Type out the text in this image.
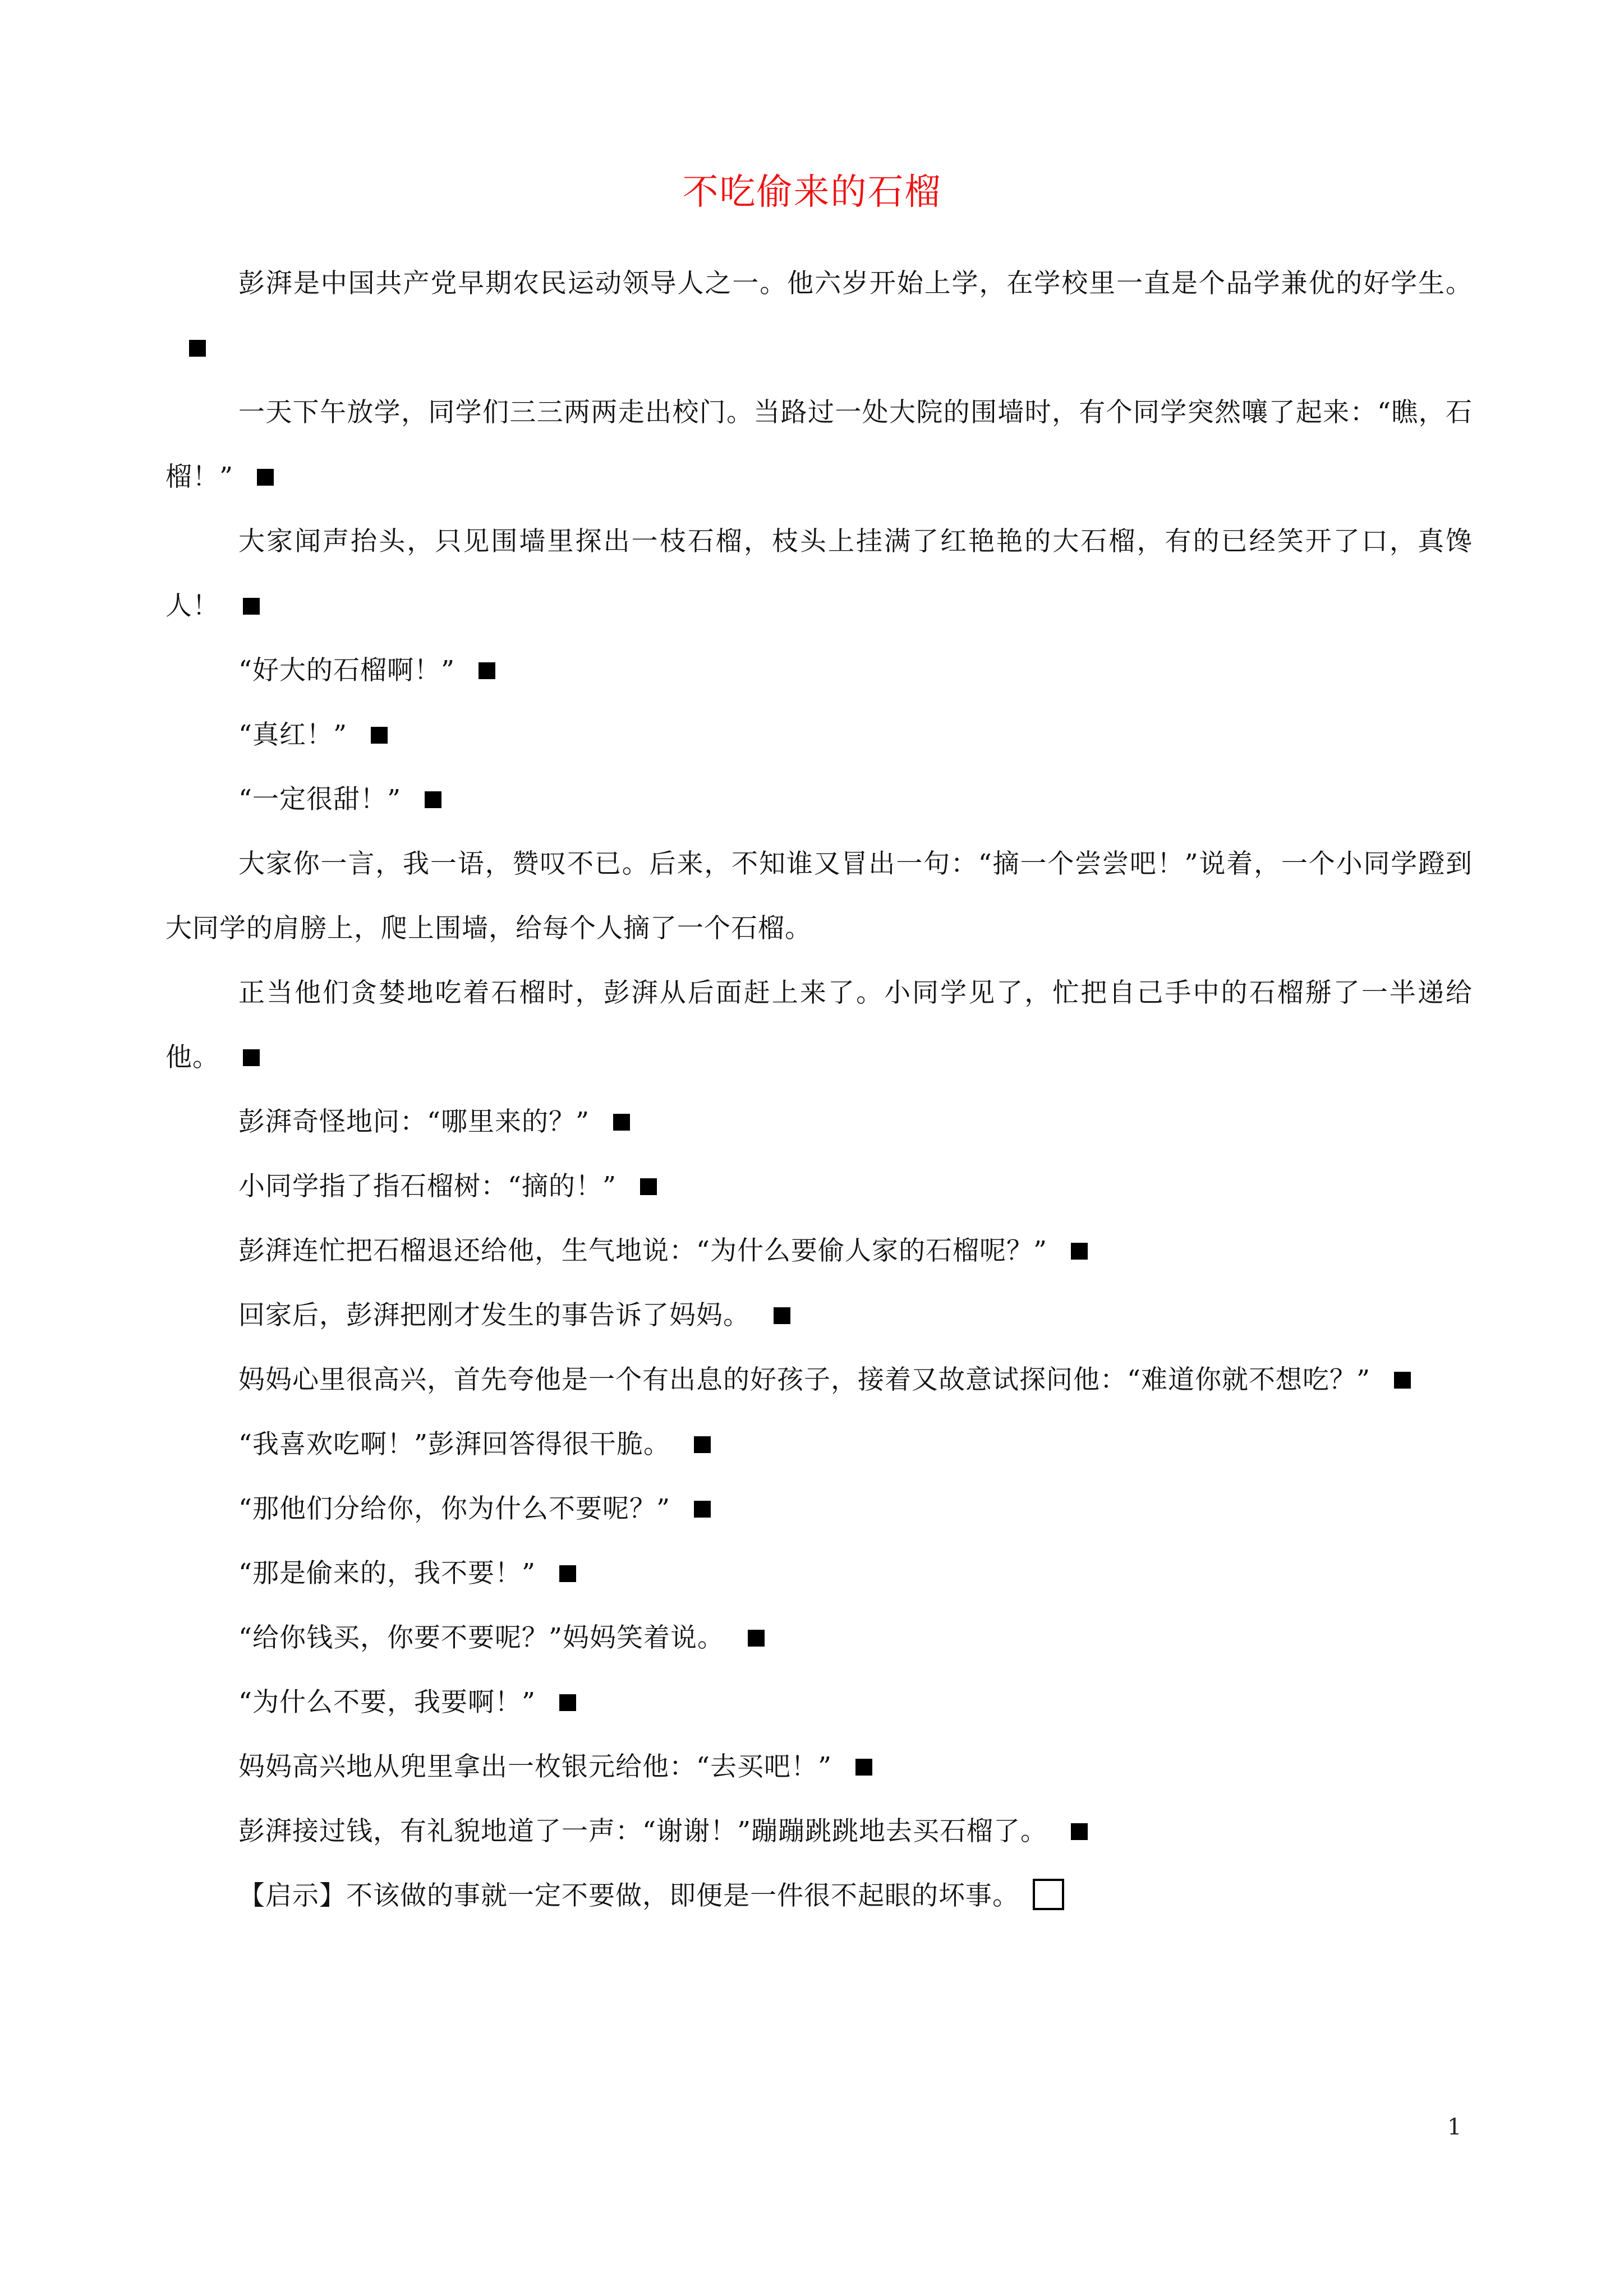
不吃偷来的石榴

彭湃是中国共产党早期农民运动领导人之一。他六岁开始上学，在学校里一直是个品学兼优的好学生。

一天下午放学，同学们三三两两走出校门。当路过一处大院的围墙时，有个同学突然嚷了起来：“瞧，石榴！”

大家闻声抬头，只见围墙里探出一枝石榴，枝头上挂满了红艳艳的大石榴，有的已经笑开了口，真馋人！

“好大的石榴啊！”

“真红！”

“一定很甜！”

大家你一言，我一语，赞叹不已。后来，不知谁又冒出一句：“摘一个尝尝吧！”说着，一个小同学蹬到大同学的肩膀上，爬上围墙，给每个人摘了一个石榴。

正当他们贪婪地吃着石榴时，彭湃从后面赶上来了。小同学见了，忙把自己手中的石榴掰了一半递给他。

彭湃奇怪地问：“哪里来的？”

小同学指了指石榴树：“摘的！”

彭湃连忙把石榴退还给他，生气地说：“为什么要偷人家的石榴呢？”

回家后，彭湃把刚才发生的事告诉了妈妈。

妈妈心里很高兴，首先夸他是一个有出息的好孩子，接着又故意试探问他：“难道你就不想吃？”

“我喜欢吃啊！”彭湃回答得很干脆。

“那他们分给你，你为什么不要呢？”

“那是偷来的，我不要！”

“给你钱买，你要不要呢？”妈妈笑着说。

“为什么不要，我要啊！”

妈妈高兴地从兜里拿出一枚银元给他：“去买吧！”

彭湃接过钱，有礼貌地道了一声：“谢谢！”蹦蹦跳跳地去买石榴了。

【启示】不该做的事就一定不要做，即便是一件很不起眼的坏事。

1
